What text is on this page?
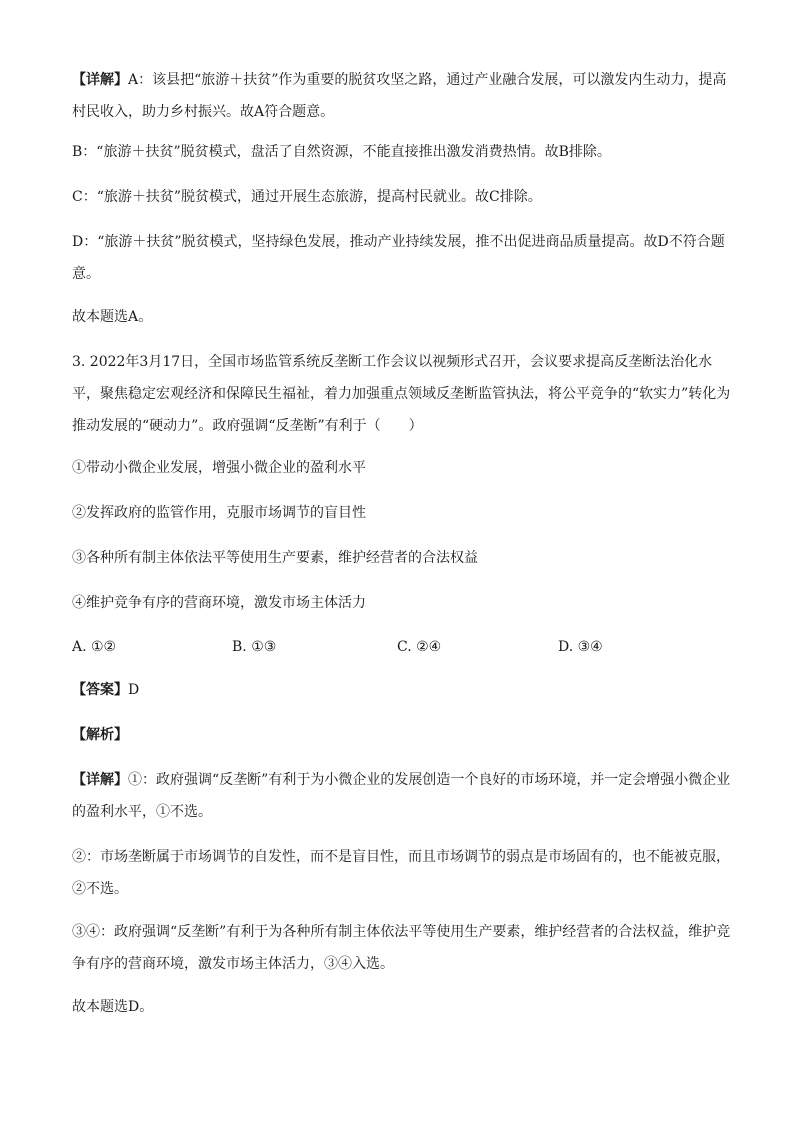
【详解】A：该县把“旅游＋扶贫”作为重要的脱贫攻坚之路，通过产业融合发展，可以激发内生动力，提高村民收入，助力乡村振兴。故A符合题意。

B：“旅游＋扶贫”脱贫模式，盘活了自然资源，不能直接推出激发消费热情。故B排除。

C：“旅游＋扶贫”脱贫模式，通过开展生态旅游，提高村民就业。故C排除。

D：“旅游＋扶贫”脱贫模式，坚持绿色发展，推动产业持续发展，推不出促进商品质量提高。故D不符合题意。

故本题选A。

3. 2022年3月17日，全国市场监管系统反垄断工作会议以视频形式召开，会议要求提高反垄断法治化水平，聚焦稳定宏观经济和保障民生福祉，着力加强重点领域反垄断监管执法，将公平竞争的“软实力”转化为推动发展的“硬动力”。政府强调“反垄断”有利于（　　）

①带动小微企业发展，增强小微企业的盈利水平

②发挥政府的监管作用，克服市场调节的盲目性

③各种所有制主体依法平等使用生产要素，维护经营者的合法权益

④维护竞争有序的营商环境，激发市场主体活力

A. ①②	B. ①③	C. ②④	D. ③④

【答案】D

【解析】

【详解】①：政府强调“反垄断”有利于为小微企业的发展创造一个良好的市场环境，并一定会增强小微企业的盈利水平，①不选。

②：市场垄断属于市场调节的自发性，而不是盲目性，而且市场调节的弱点是市场固有的，也不能被克服，②不选。

③④：政府强调“反垄断”有利于为各种所有制主体依法平等使用生产要素，维护经营者的合法权益，维护竞争有序的营商环境，激发市场主体活力，③④入选。

故本题选D。
